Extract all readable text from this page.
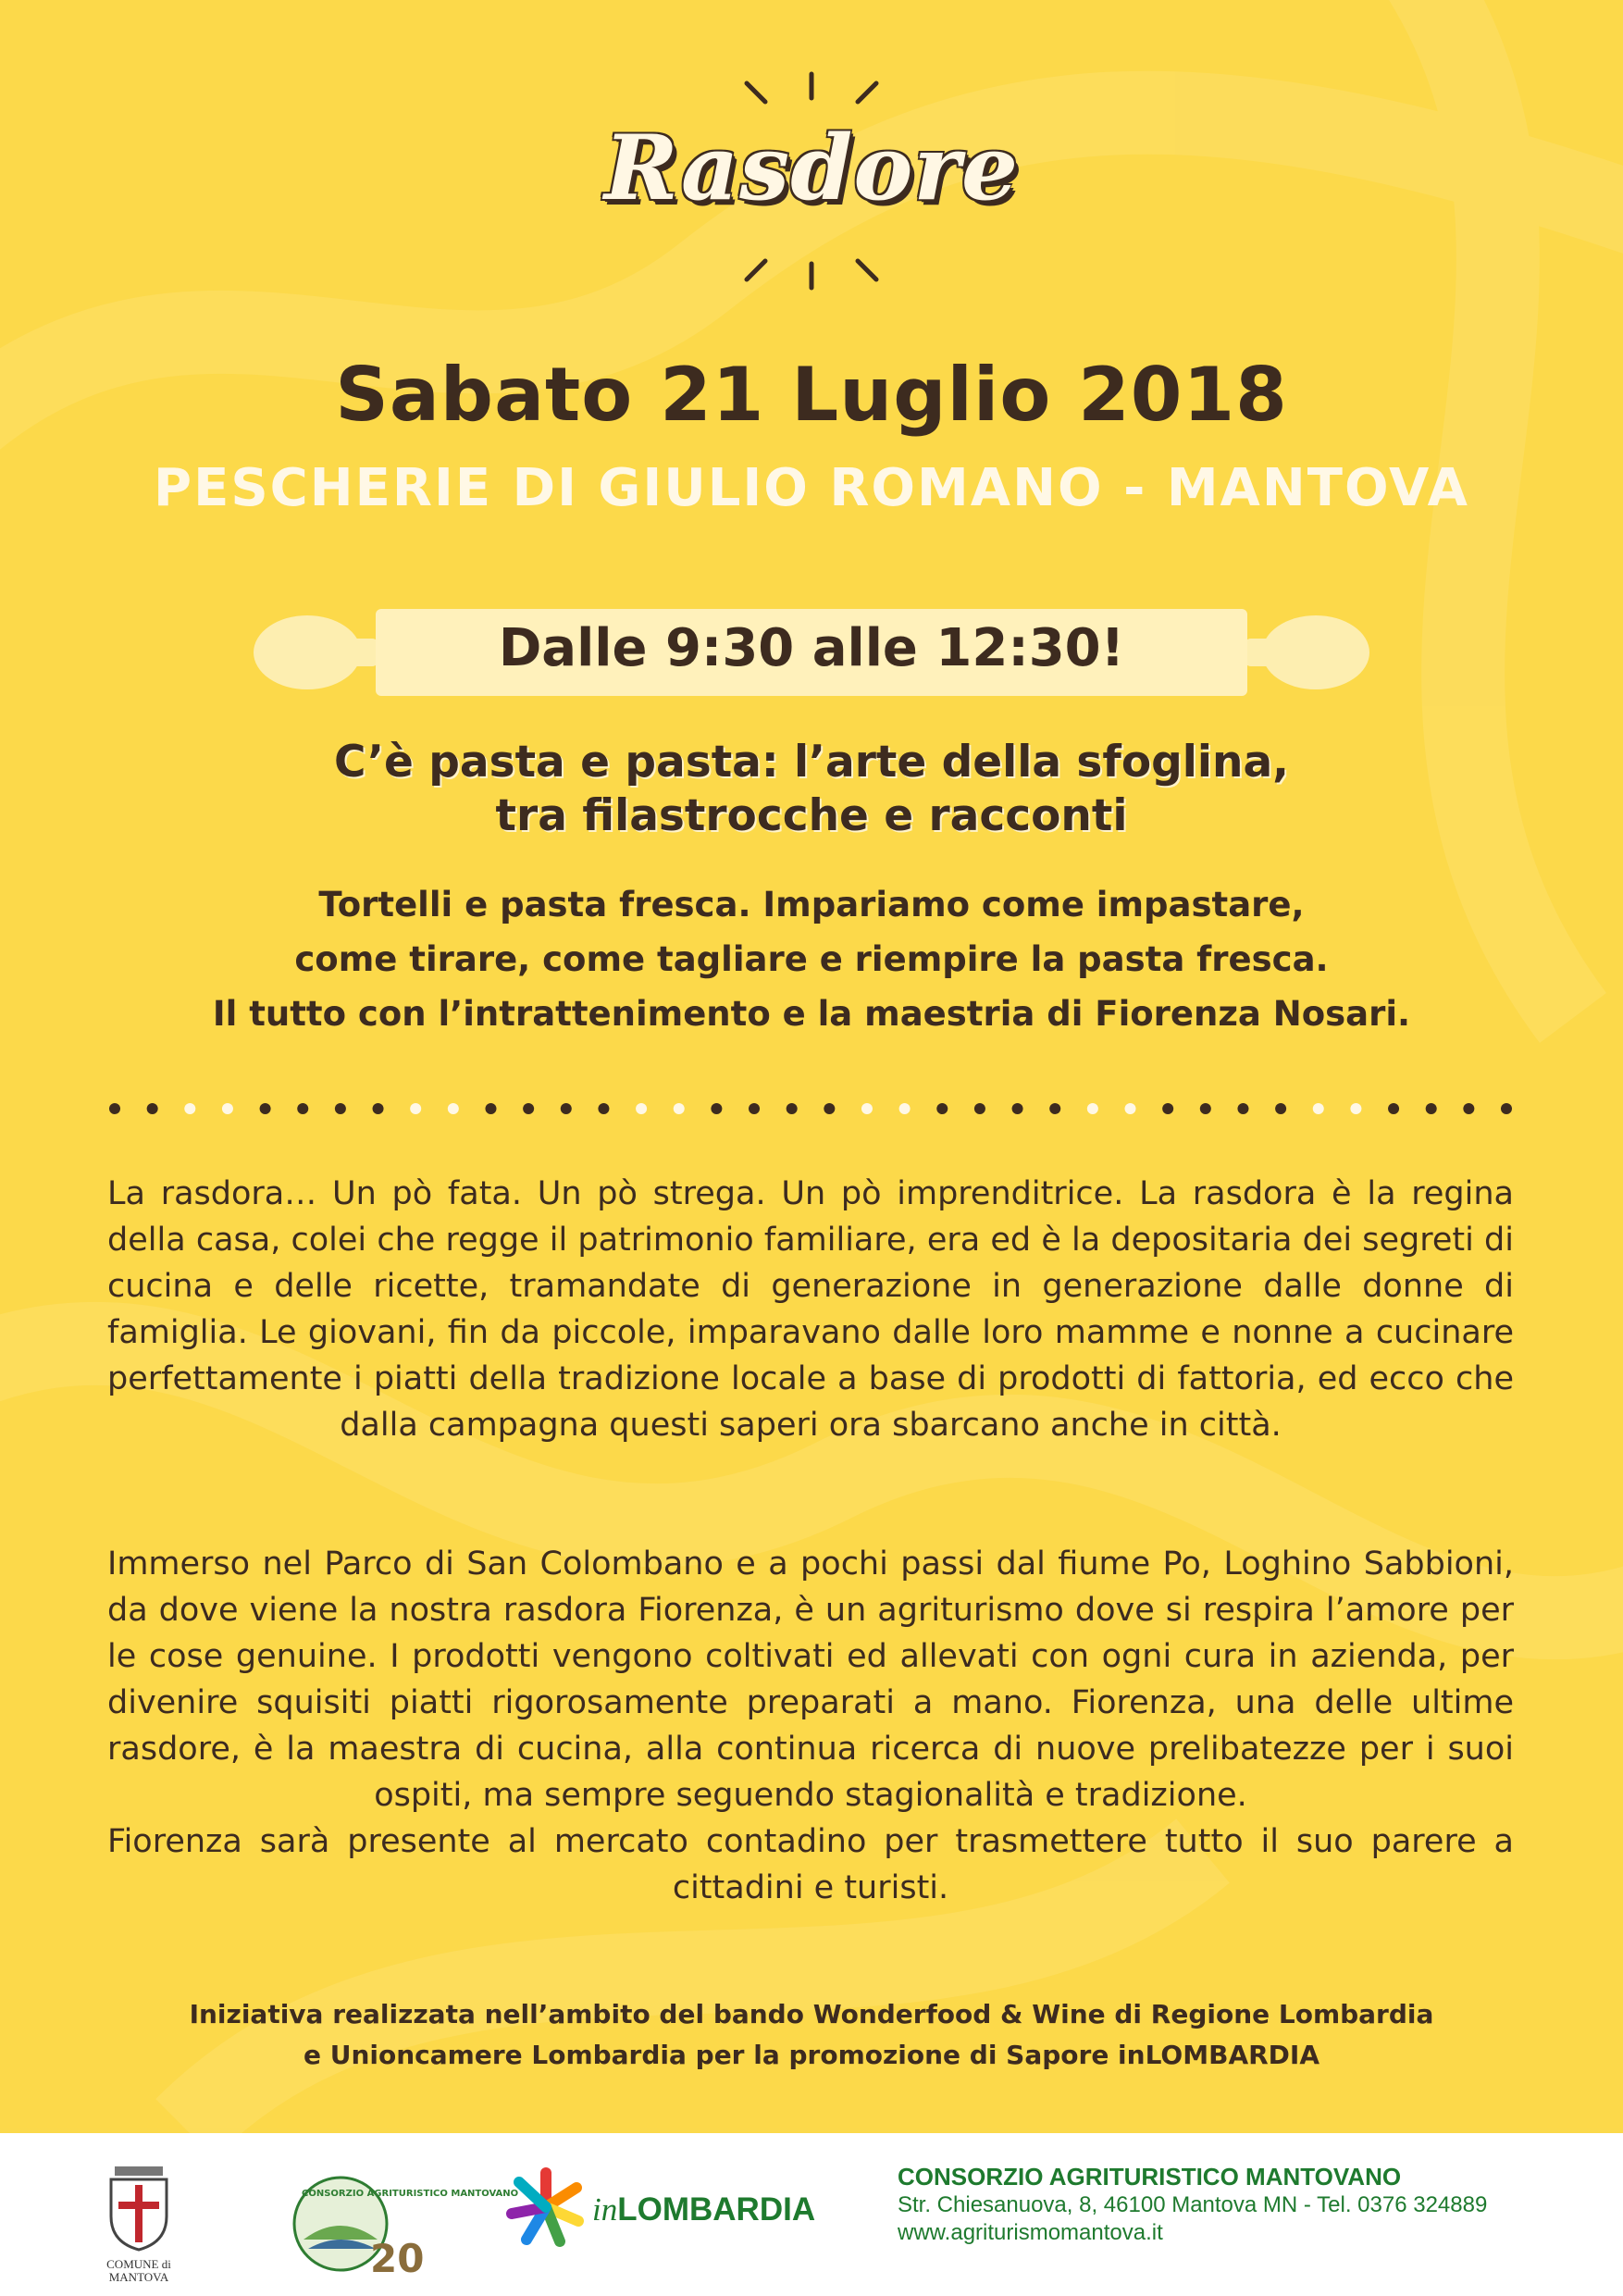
Rasdore
Sabato 21 Luglio 2018
PESCHERIE DI GIULIO ROMANO - MANTOVA
Dalle 9:30 alle 12:30!
C’è pasta e pasta: l’arte della sfoglina,
tra filastrocche e racconti
Tortelli e pasta fresca. Impariamo come impastare,
come tirare, come tagliare e riempire la pasta fresca.
Il tutto con l’intrattenimento e la maestria di Fiorenza Nosari.
La rasdora… Un pò fata. Un pò strega. Un pò imprenditrice. La rasdora è la regina della casa, colei che regge il patrimonio familiare, era ed è la depositaria dei segreti di cucina e delle ricette, tramandate di generazione in generazione dalle donne di famiglia. Le giovani, fin da piccole, imparavano dalle loro mamme e nonne a cucinare perfettamente i piatti della tradizione locale a base di prodotti di fattoria, ed ecco che dalla campagna questi saperi ora sbarcano anche in città.
Immerso nel Parco di San Colombano e a pochi passi dal fiume Po, Loghino Sabbioni, da dove viene la nostra rasdora Fiorenza, è un agriturismo dove si respira l’amore per le cose genuine. I prodotti vengono coltivati ed allevati con ogni cura in azienda, per divenire squisiti piatti rigorosamente preparati a mano. Fiorenza, una delle ultime rasdore, è la maestra di cucina, alla continua ricerca di nuove prelibatezze per i suoi ospiti, ma sempre seguendo stagionalità e tradizione.
Fiorenza sarà presente al mercato contadino per trasmettere tutto il suo parere a cittadini e turisti.
Iniziativa realizzata nell’ambito del bando Wonderfood & Wine di Regione Lombardia
e Unioncamere Lombardia per la promozione di Sapore inLOMBARDIA
COMUNE di MANTOVA	20
CONSORZIO AGRITURISTICO MANTOVANO inLOMBARDIA
CONSORZIO AGRITURISTICO MANTOVANO
Str. Chiesanuova, 8, 46100 Mantova MN - Tel. 0376 324889
www.agriturismomantova.it
